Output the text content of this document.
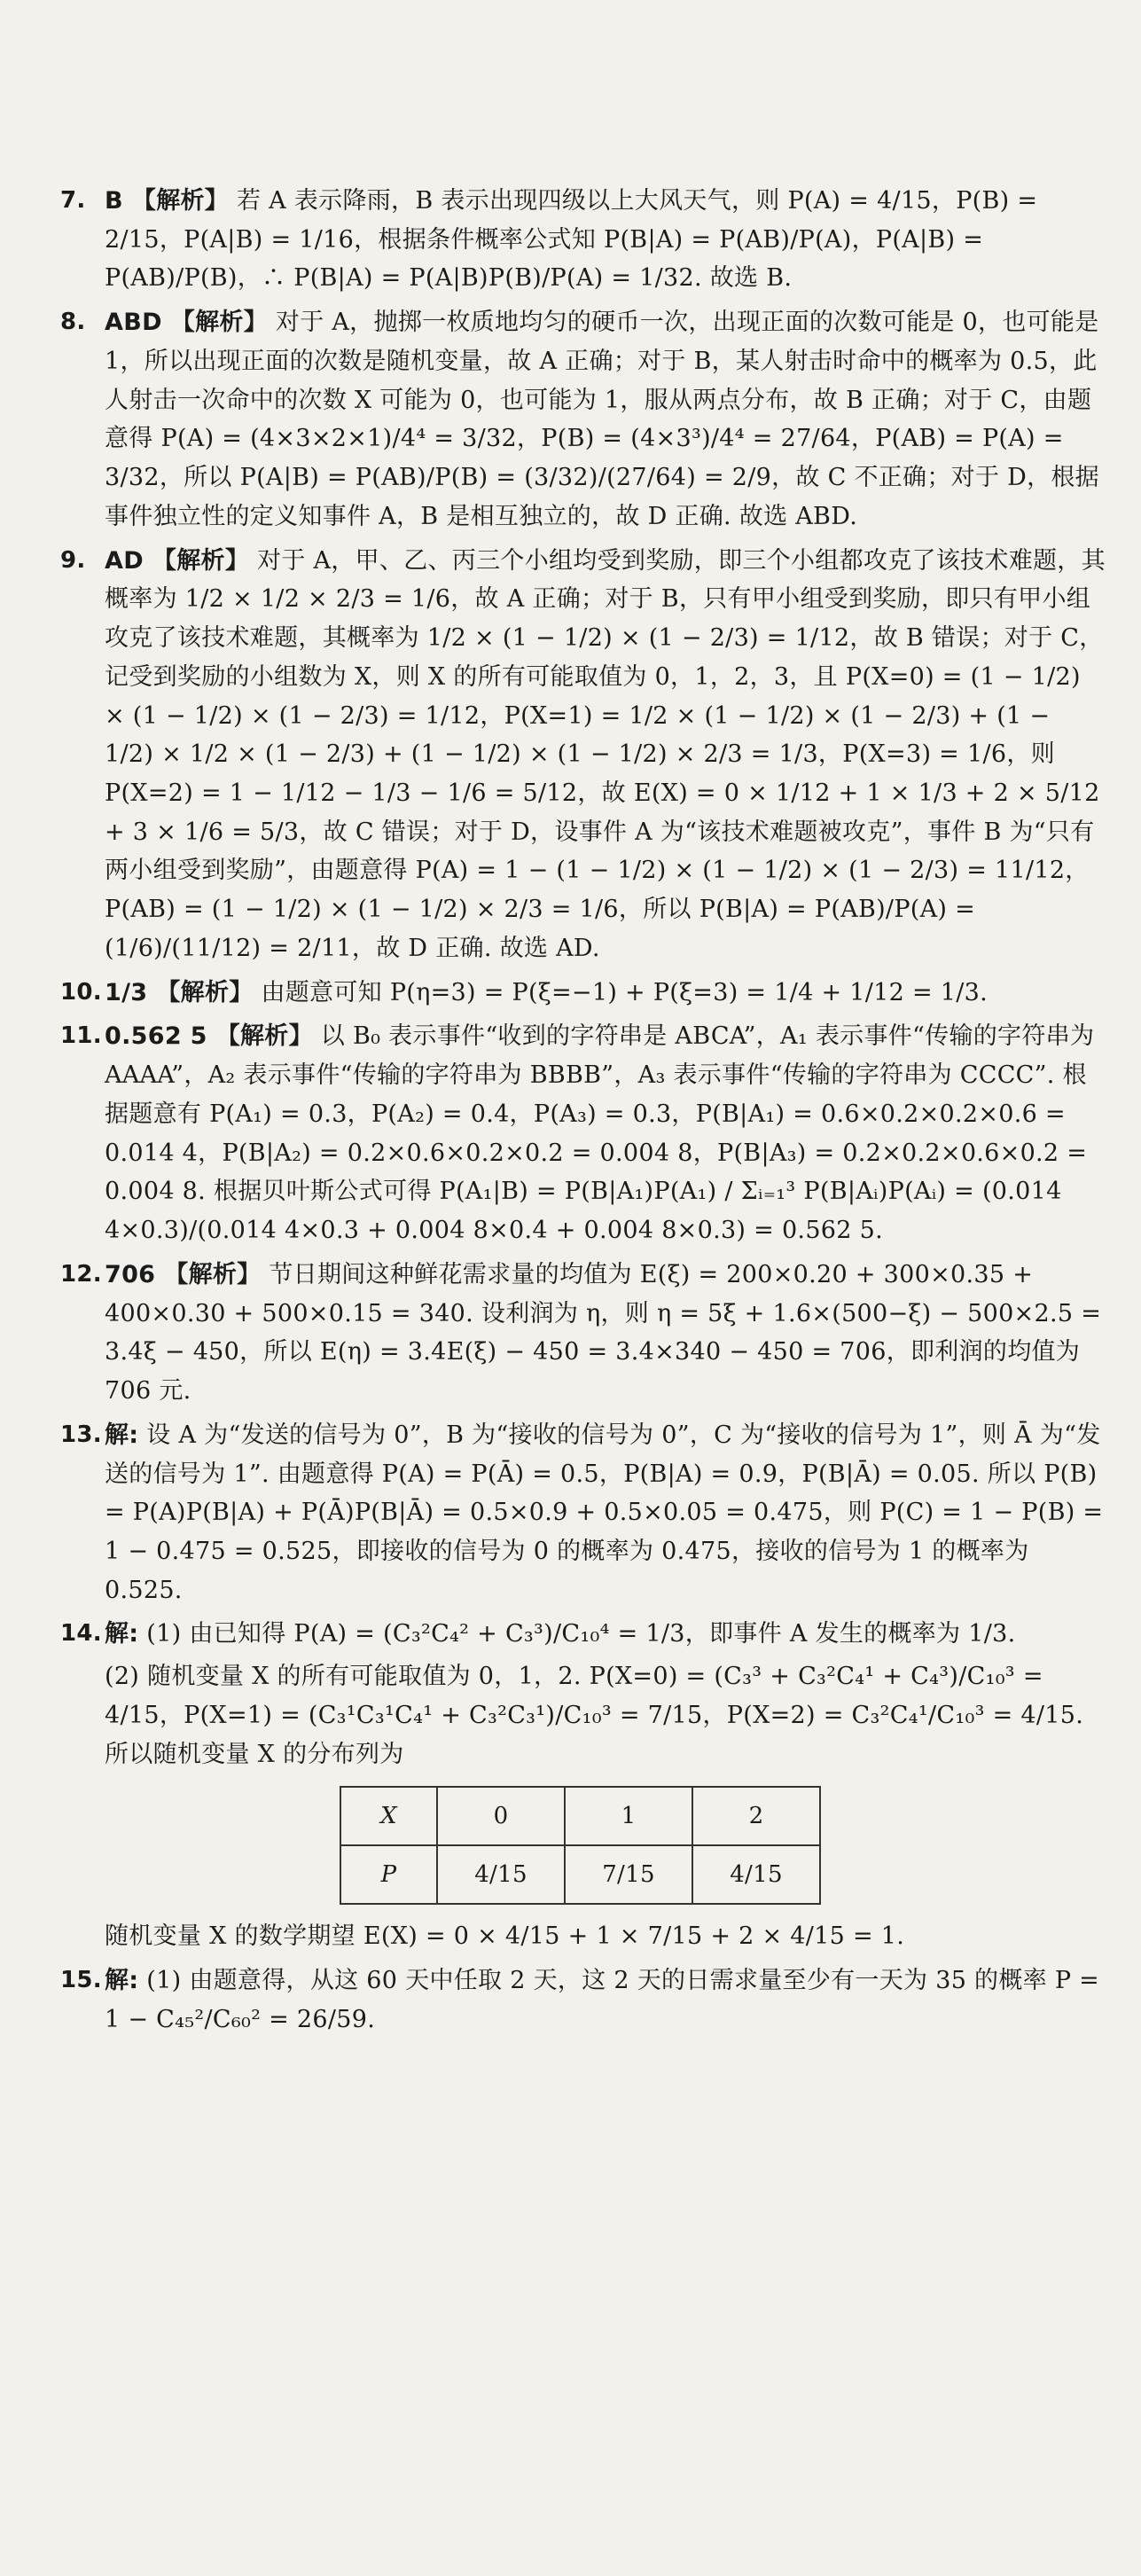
7. B 【解析】 若 A 表示降雨，B 表示出现四级以上大风天气，则 P(A) = 4/15，P(B) = 2/15，P(A|B) = 1/16，根据条件概率公式知 P(B|A) = P(AB)/P(A)，P(A|B) = P(AB)/P(B)，∴ P(B|A) = P(A|B)P(B)/P(A) = 1/32. 故选 B.
8. ABD 【解析】 对于 A，抛掷一枚质地均匀的硬币一次，出现正面的次数可能是 0，也可能是 1，所以出现正面的次数是随机变量，故 A 正确；对于 B，某人射击时命中的概率为 0.5，此人射击一次命中的次数 X 可能为 0，也可能为 1，服从两点分布，故 B 正确；对于 C，由题意得 P(A) = (4×3×2×1)/4⁴ = 3/32，P(B) = (4×3³)/4⁴ = 27/64，P(AB) = P(A) = 3/32，所以 P(A|B) = P(AB)/P(B) = (3/32)/(27/64) = 2/9，故 C 不正确；对于 D，根据事件独立性的定义知事件 A，B 是相互独立的，故 D 正确. 故选 ABD.
9. AD 【解析】 对于 A，甲、乙、丙三个小组均受到奖励，即三个小组都攻克了该技术难题，其概率为 1/2 × 1/2 × 2/3 = 1/6，故 A 正确；对于 B，只有甲小组受到奖励，即只有甲小组攻克了该技术难题，其概率为 1/2 × (1 − 1/2) × (1 − 2/3) = 1/12，故 B 错误；对于 C，记受到奖励的小组数为 X，则 X 的所有可能取值为 0，1，2，3，且 P(X=0) = (1 − 1/2) × (1 − 1/2) × (1 − 2/3) = 1/12，P(X=1) = 1/2 × (1 − 1/2) × (1 − 2/3) + (1 − 1/2) × 1/2 × (1 − 2/3) + (1 − 1/2) × (1 − 1/2) × 2/3 = 1/3，P(X=3) = 1/6，则 P(X=2) = 1 − 1/12 − 1/3 − 1/6 = 5/12，故 E(X) = 0 × 1/12 + 1 × 1/3 + 2 × 5/12 + 3 × 1/6 = 5/3，故 C 错误；对于 D，设事件 A 为“该技术难题被攻克”，事件 B 为“只有两小组受到奖励”，由题意得 P(A) = 1 − (1 − 1/2) × (1 − 1/2) × (1 − 2/3) = 11/12，P(AB) = (1 − 1/2) × (1 − 1/2) × 2/3 = 1/6，所以 P(B|A) = P(AB)/P(A) = (1/6)/(11/12) = 2/11，故 D 正确. 故选 AD.
10. 1/3 【解析】 由题意可知 P(η=3) = P(ξ=−1) + P(ξ=3) = 1/4 + 1/12 = 1/3.
11. 0.562 5 【解析】 以 B₀ 表示事件“收到的字符串是 ABCA”，A₁ 表示事件“传输的字符串为 AAAA”，A₂ 表示事件“传输的字符串为 BBBB”，A₃ 表示事件“传输的字符串为 CCCC”. 根据题意有 P(A₁) = 0.3，P(A₂) = 0.4，P(A₃) = 0.3，P(B|A₁) = 0.6×0.2×0.2×0.6 = 0.014 4，P(B|A₂) = 0.2×0.6×0.2×0.2 = 0.004 8，P(B|A₃) = 0.2×0.2×0.6×0.2 = 0.004 8. 根据贝叶斯公式可得 P(A₁|B) = P(B|A₁)P(A₁) / Σᵢ₌₁³ P(B|Aᵢ)P(Aᵢ) = (0.014 4×0.3)/(0.014 4×0.3 + 0.004 8×0.4 + 0.004 8×0.3) = 0.562 5.
12. 706 【解析】 节日期间这种鲜花需求量的均值为 E(ξ) = 200×0.20 + 300×0.35 + 400×0.30 + 500×0.15 = 340. 设利润为 η，则 η = 5ξ + 1.6×(500−ξ) − 500×2.5 = 3.4ξ − 450，所以 E(η) = 3.4E(ξ) − 450 = 3.4×340 − 450 = 706，即利润的均值为 706 元.
13. 解: 设 A 为“发送的信号为 0”，B 为“接收的信号为 0”，C 为“接收的信号为 1”，则 Ā 为“发送的信号为 1”. 由题意得 P(A) = P(Ā) = 0.5，P(B|A) = 0.9，P(B|Ā) = 0.05. 所以 P(B) = P(A)P(B|A) + P(Ā)P(B|Ā) = 0.5×0.9 + 0.5×0.05 = 0.475，则 P(C) = 1 − P(B) = 1 − 0.475 = 0.525，即接收的信号为 0 的概率为 0.475，接收的信号为 1 的概率为 0.525.
14. 解: (1) 由已知得 P(A) = (C₃²C₄² + C₃³)/C₁₀⁴ = 1/3，即事件 A 发生的概率为 1/3.
(2) 随机变量 X 的所有可能取值为 0，1，2. P(X=0) = (C₃³ + C₃²C₄¹ + C₄³)/C₁₀³ = 4/15，P(X=1) = (C₃¹C₃¹C₄¹ + C₃²C₃¹)/C₁₀³ = 7/15，P(X=2) = C₃²C₄¹/C₁₀³ = 4/15. 所以随机变量 X 的分布列为
X	0	1	2
P	4/15	7/15	4/15
随机变量 X 的数学期望 E(X) = 0 × 4/15 + 1 × 7/15 + 2 × 4/15 = 1.
15. 解: (1) 由题意得，从这 60 天中任取 2 天，这 2 天的日需求量至少有一天为 35 的概率 P = 1 − C₄₅²/C₆₀² = 26/59.
